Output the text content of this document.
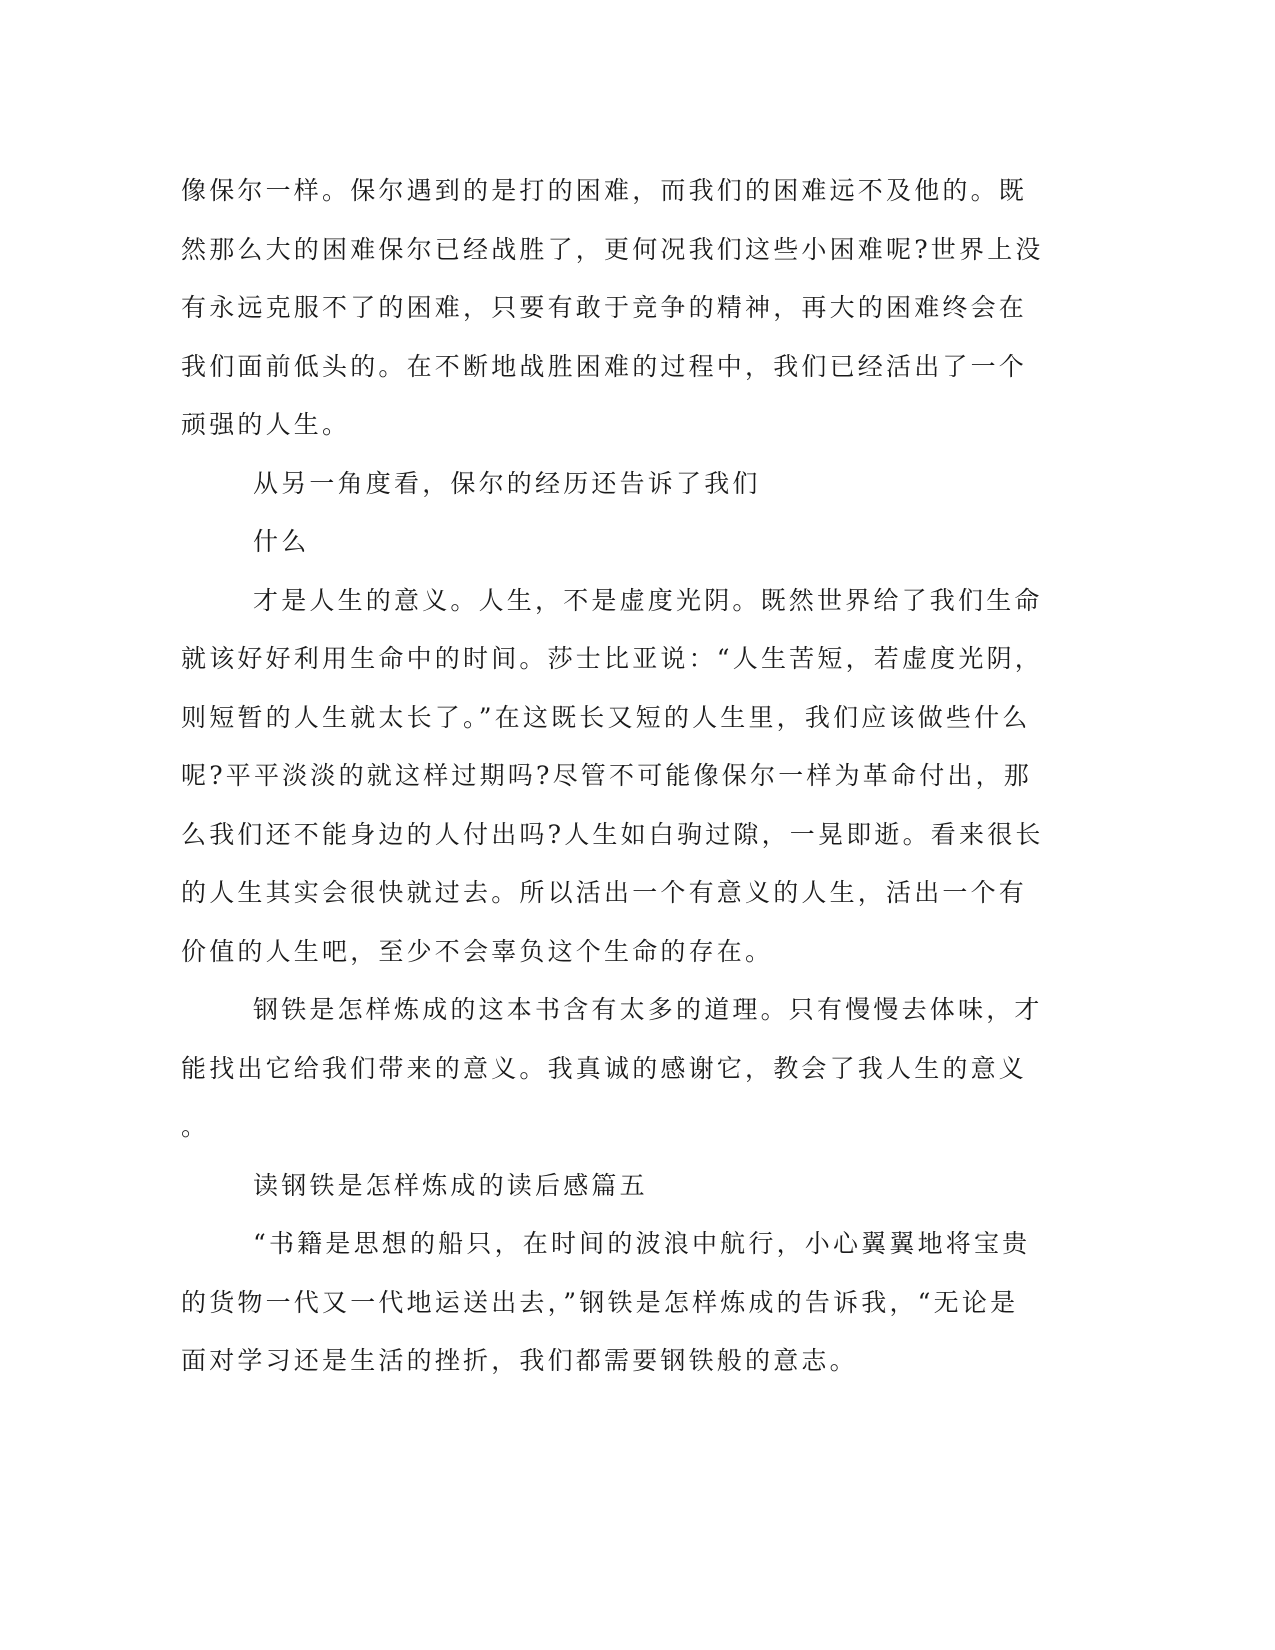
像保尔一样。保尔遇到的是打的困难，而我们的困难远不及他的。既

然那么大的困难保尔已经战胜了，更何况我们这些小困难呢?世界上没

有永远克服不了的困难，只要有敢于竞争的精神，再大的困难终会在

我们面前低头的。在不断地战胜困难的过程中，我们已经活出了一个

顽强的人生。

从另一角度看，保尔的经历还告诉了我们

什么

才是人生的意义。人生，不是虚度光阴。既然世界给了我们生命

就该好好利用生命中的时间。莎士比亚说：“人生苦短，若虚度光阴，

则短暂的人生就太长了。”在这既长又短的人生里，我们应该做些什么

呢?平平淡淡的就这样过期吗?尽管不可能像保尔一样为革命付出，那

么我们还不能身边的人付出吗?人生如白驹过隙，一晃即逝。看来很长

的人生其实会很快就过去。所以活出一个有意义的人生，活出一个有

价值的人生吧，至少不会辜负这个生命的存在。

钢铁是怎样炼成的这本书含有太多的道理。只有慢慢去体味，才

能找出它给我们带来的意义。我真诚的感谢它，教会了我人生的意义

。

读钢铁是怎样炼成的读后感篇五

“书籍是思想的船只，在时间的波浪中航行，小心翼翼地将宝贵

的货物一代又一代地运送出去，”钢铁是怎样炼成的告诉我，“无论是

面对学习还是生活的挫折，我们都需要钢铁般的意志。
